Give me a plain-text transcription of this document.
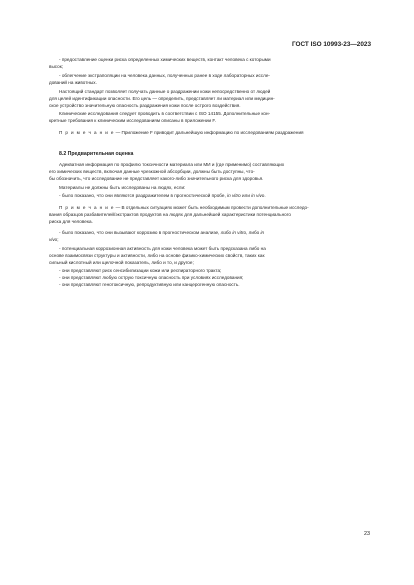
ГОСТ ISO 10993-23—2023
- предоставление оценки риска определенных химических веществ, контакт человека с которыми
высок;
- облегчение экстраполяции на человека данных, полученных ранее в ходе лабораторных иссле-
дований на животных.
Настоящий стандарт позволяет получать данные о раздражении кожи непосредственно от людей
для целей идентификации опасности. Его цель — определить, представляет ли материал или медицин-
ское устройство значительную опасность раздражения кожи после острого воздействия.
Клинические исследования следует проводить в соответствии с ISO 14155. Дополнительные кон-
кретные требования к клиническим исследованиям описаны в приложении F.
П р и м е ч а н и е — Приложение F приводит дальнейшую информацию по исследованиям раздражения
8.2 Предварительная оценка
Адекватная информация по профилю токсичности материала или МИ и (где применимо) составляющих
его химических веществ, включая данные чрезкожной абсорбции, должны быть доступны, что-
бы обозначить, что исследование не представляет какого-либо значительного риска для здоровья.
Материалы не должны быть исследованы на людях, если:
- было показано, что они являются раздражителем в прогностической пробе, in vitro или in vivo.
П р и м е ч а н и е — В отдельных ситуациях может быть необходимым провести дополнительные исследо-
вания образцов разбавителей/экстрактов продуктов на людях для дальнейшей характеристики потенциального
риска для человека.
- было показано, что они вызывают коррозию в прогностическом анализе, либо in vitro, либо in
vivo;
- потенциальная коррозионная активность для кожи человека может быть предсказана либо на
основе взаимосвязи структуры и активности, либо на основе физико-химических свойств, таких как
сильный кислотный или щелочной показатель, либо и то, и другое;
- они представляют риск сенсибилизации кожи или респираторного тракта;
- они представляют любую острую токсичную опасность при условиях исследования;
- они представляют генотоксичную, репродуктивную или канцерогенную опасность.
23
